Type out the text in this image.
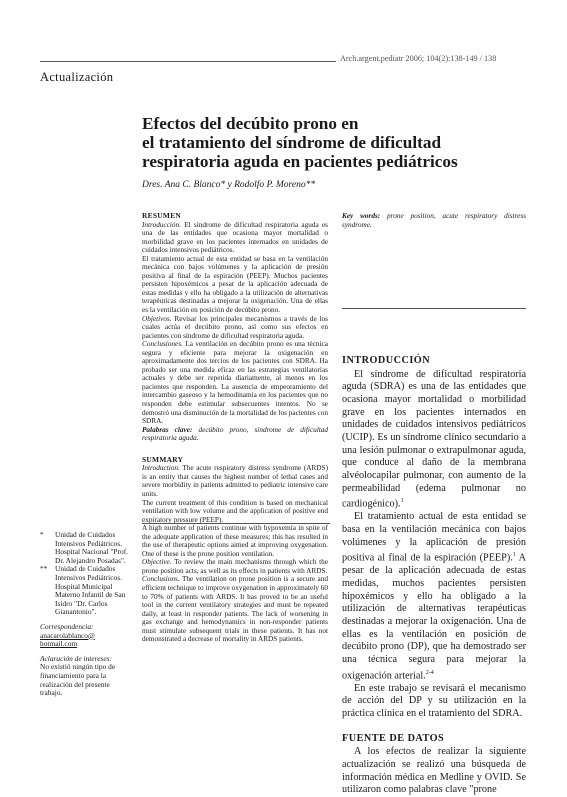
Arch.argent.pediatr 2006; 104(2):138-149 / 138
Actualización
Efectos del decúbito prono en
el tratamiento del síndrome de dificultad
respiratoria aguda en pacientes pediátricos
Dres. Ana C. Blanco* y Rodolfo P. Moreno**
RESUMEN

Introducción. El síndrome de dificultad respiratoria aguda es una de las entidades que ocasiona mayor mortalidad o morbilidad grave en los pacientes internados en unidades de cuidados intensivos pediátricos.

El tratamiento actual de esta entidad se basa en la ventilación mecánica con bajos volúmenes y la aplicación de presión positiva al final de la espiración (PEEP). Muchos pacientes persisten hipoxémicos a pesar de la aplicación adecuada de estas medidas y ello ha obligado a la utilización de alternativas terapéuticas destinadas a mejorar la oxigenación. Una de ellas es la ventilación en posición de decúbito prono.

Objetivos. Revisar los principales mecanismos a través de los cuales actúa el decúbito prono, así como sus efectos en pacientes con síndrome de dificultad respiratoria aguda.

Conclusiones. La ventilación en decúbito prono es una técnica segura y eficiente para mejorar la oxigenación en aproximadamente dos tercios de los pacientes con SDRA. Ha probado ser una medida eficaz en las estrategias ventilatorias actuales y debe ser repetida diariamente, al menos en los pacientes que responden. La ausencia de empeoramiento del intercambio gaseoso y la hemodinamia en los pacientes que no responden debe estimular subsecuentes intentos. No se demostró una disminución de la mortalidad de los pacientes con SDRA.

Palabras clave: decúbito prono, síndrome de dificultad respiratoria aguda.

SUMMARY

Introduction. The acute respiratory distress syndrome (ARDS) is an entity that causes the highest number of lethal cases and severe morbidity in patients admitted to pediatric intensive care units.

The current treatment of this condition is based on mechanical ventilation with low volume and the application of positive end expiratory pressure (PEEP).

A high number of patients continue with hypoxemia in spite of the adequate application of these measures; this has resulted in the use of therapeutic options aimed at improving oxygenation. One of these is the prone position ventilation.

Objective. To review the main mechanisms through which the prone position acts, as well as its effects in patients with ARDS.

Conclusions. The ventilation on prone position is a secure and efficient technique to improve oxygenation in approximately 60 to 70% of patients with ARDS. It has proved to be an useful tool in the current ventilatory strategies and must be repeated daily, at least in responder patients. The lack of worsening in gas exchange and hemodynamics in non-responder patients must stimulate subsequent trials in these patients. It has not demonstrated a decrease of mortality in ARDS patients.

Key words: prone position, acute respiratory distress syndrome.

*	Unidad de Cuidados Intensivos Pediátricos. Hospital Nacional "Prof. Dr. Alejandro Posadas".
**	Unidad de Cuidados Intensivos Pediátricos. Hospital Municipal Materno Infantil de San Isidro "Dr. Carlos Gianantonio".
Correspondencia:
anacarolablanco@ hotmail.com
Aclaración de intereses:
No existió ningún tipo de financiamiento para la realización del presente trabajo.
INTRODUCCIÓN

El síndrome de dificultad respiratoria aguda (SDRA) es una de las entidades que ocasiona mayor mortalidad o morbilidad grave en los pacientes internados en unidades de cuidados intensivos pediátricos (UCIP). Es un síndrome clínico secundario a una lesión pulmonar o extrapulmonar aguda, que conduce al daño de la membrana alvéolocapilar pulmonar, con aumento de la permeabilidad (edema pulmonar no cardiogénico).$^1$

El tratamiento actual de esta entidad se basa en la ventilación mecánica con bajos volúmenes y la aplicación de presión positiva al final de la espiración (PEEP).$^1$ A pesar de la aplicación adecuada de estas medidas, muchos pacientes persisten hipoxémicos y ello ha obligado a la utilización de alternativas terapéuticas destinadas a mejorar la oxigenación. Una de ellas es la ventilación en posición de decúbito prono (DP), que ha demostrado ser una técnica segura para mejorar la oxigenación arterial.$^{2-4}$

En este trabajo se revisará el mecanismo de acción del DP y su utilización en la práctica clínica en el tratamiento del SDRA.

FUENTE DE DATOS

A los efectos de realizar la siguiente actualización se realizó una búsqueda de información médica en Medline y OVID. Se utilizaron como palabras clave "prone
